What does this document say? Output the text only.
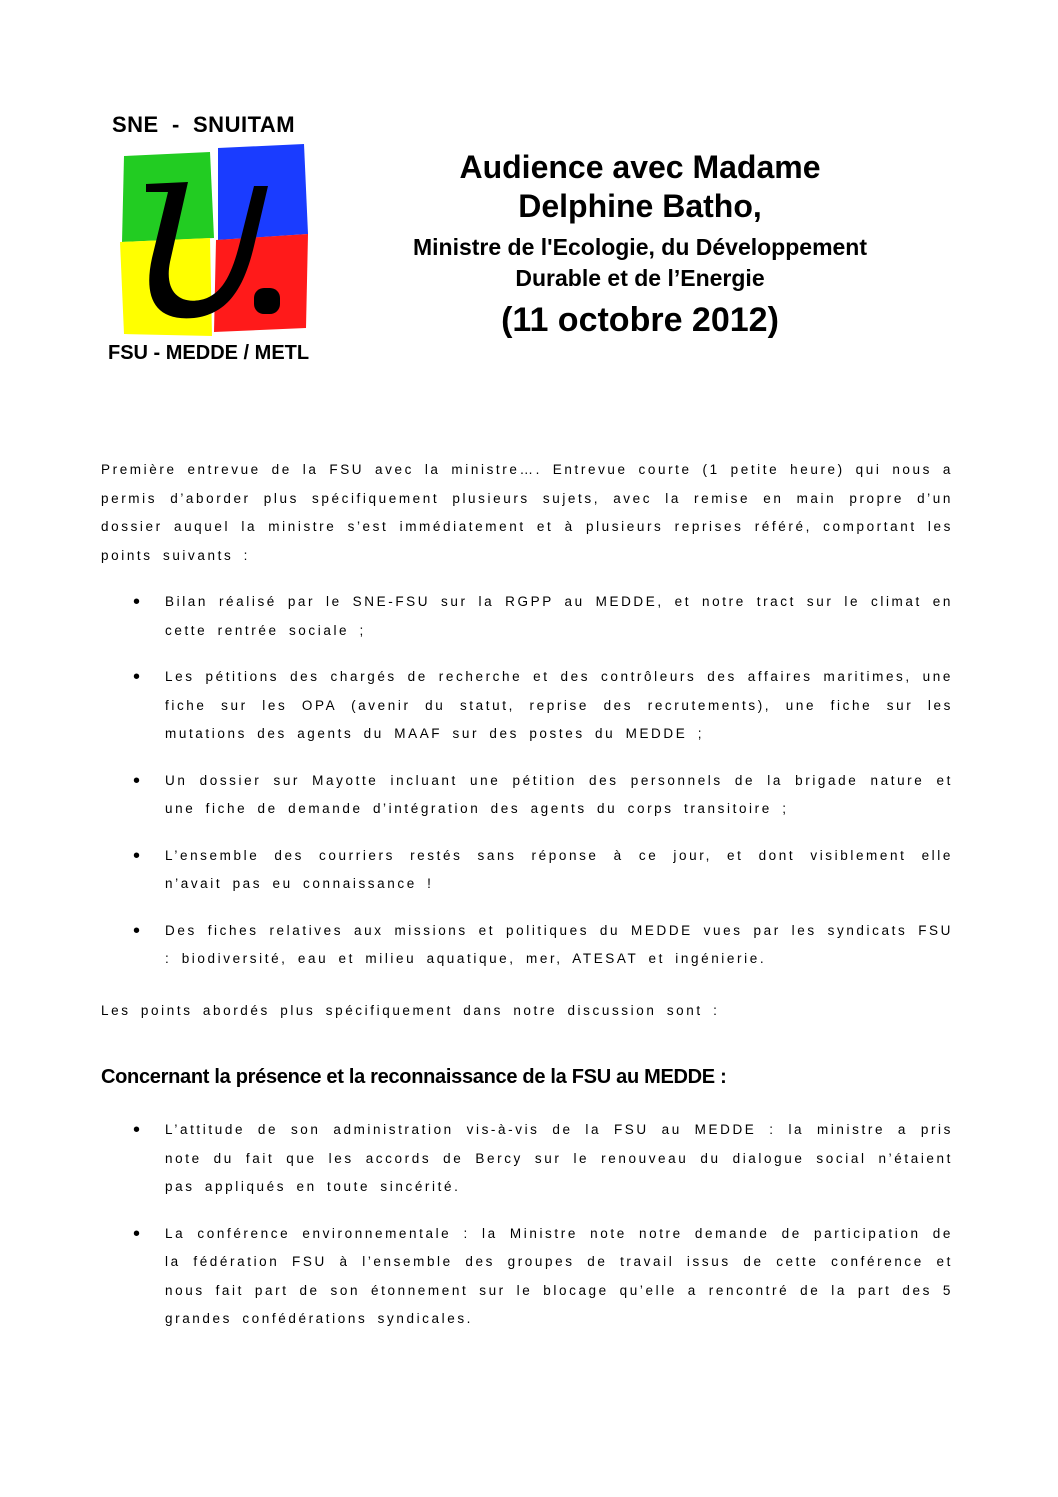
SNE  -  SNUITAM
FSU - MEDDE / METL
Audience avec Madame
Delphine Batho,
Ministre de l'Ecologie, du Développement
Durable et de l’Energie
(11 octobre 2012)
Première entrevue de la FSU avec la ministre…. Entrevue courte (1 petite heure) qui nous a permis d’aborder plus spécifiquement plusieurs sujets, avec la remise en main propre d’un dossier auquel la ministre s’est immédiatement et à plusieurs reprises référé, comportant les points suivants :
• Bilan réalisé par le SNE-FSU sur la RGPP au MEDDE, et notre tract sur le climat en cette rentrée sociale ;
• Les pétitions des chargés de recherche et des contrôleurs des affaires maritimes, une fiche sur les OPA (avenir du statut, reprise des recrutements), une fiche sur les mutations des agents du MAAF sur des postes du MEDDE ;
• Un dossier sur Mayotte incluant une pétition des personnels de la brigade nature et une fiche de demande d’intégration des agents du corps transitoire ;
• L’ensemble des courriers restés sans réponse à ce jour, et dont visiblement elle n’avait pas eu connaissance !
• Des fiches relatives aux missions et politiques du MEDDE vues par les syndicats FSU : biodiversité, eau et milieu aquatique, mer, ATESAT et ingénierie.
Les points abordés plus spécifiquement dans notre discussion sont :
Concernant la présence et la reconnaissance de la FSU au MEDDE :
• L’attitude de son administration vis-à-vis de la FSU au MEDDE : la ministre a pris note du fait que les accords de Bercy sur le renouveau du dialogue social n’étaient pas appliqués en toute sincérité.
• La conférence environnementale : la Ministre note notre demande de participation de la fédération FSU à l’ensemble des groupes de travail issus de cette conférence et nous fait part de son étonnement sur le blocage qu’elle a rencontré de la part des 5 grandes confédérations syndicales.
